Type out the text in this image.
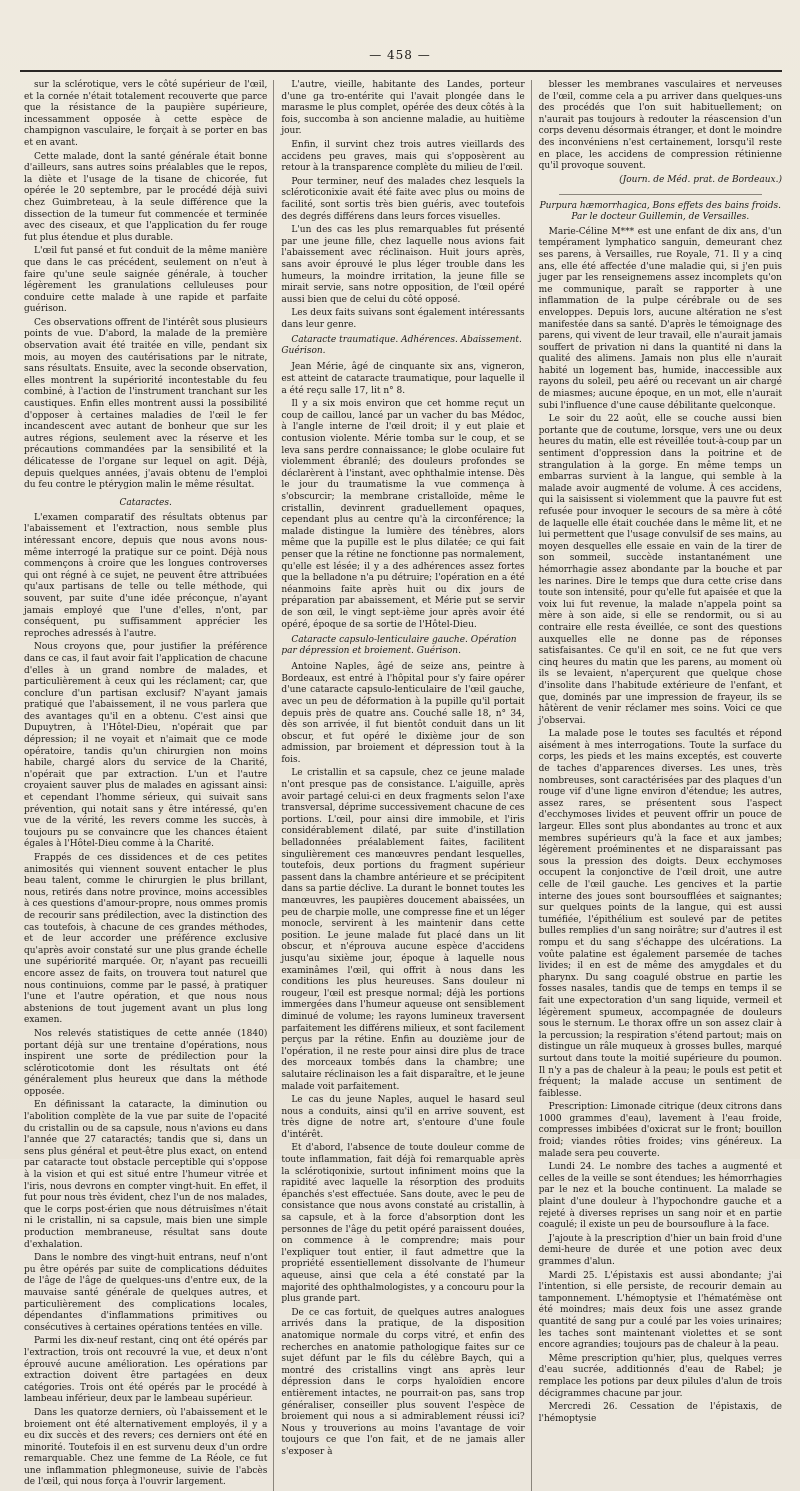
— 458 —

sur la sclérotique, vers le côté supérieur de l'œil, et la cornée n'était totalement recouverte que parce que la résistance de la paupière supérieure, incessamment opposée à cette espèce de champignon vasculaire, le forçait à se porter en bas et en avant.

Cette malade, dont la santé générale était bonne d'ailleurs, sans autres soins préalables que le repos, la diète et l'usage de la tisane de chicorée, fut opérée le 20 septembre, par le procédé déjà suivi chez Guimbreteau, à la seule différence que la dissection de la tumeur fut commencée et terminée avec des ciseaux, et que l'application du fer rouge fut plus étendue et plus durable.

L'œil fut pansé et fut conduit de la même manière que dans le cas précédent, seulement on n'eut à faire qu'une seule saignée générale, à toucher légèrement les granulations celluleuses pour conduire cette malade à une rapide et parfaite guérison.

Ces observations offrent de l'intérêt sous plusieurs points de vue. D'abord, la malade de la première observation avait été traitée en ville, pendant six mois, au moyen des cautérisations par le nitrate, sans résultats. Ensuite, avec la seconde observation, elles montrent la supériorité incontestable du feu combiné, à l'action de l'instrument tranchant sur les caustiques. Enfin elles montrent aussi la possibilité d'opposer à certaines maladies de l'œil le fer incandescent avec autant de bonheur que sur les autres régions, seulement avec la réserve et les précautions commandées par la sensibilité et la délicatesse de l'organe sur lequel on agit. Déjà, depuis quelques années, j'avais obtenu de l'emploi du feu contre le ptérygion malin le même résultat.

Cataractes.

L'examen comparatif des résultats obtenus par l'abaissement et l'extraction, nous semble plus intéressant encore, depuis que nous avons nous-même interrogé la pratique sur ce point. Déjà nous commençons à croire que les longues controverses qui ont régné à ce sujet, ne peuvent être attribuées qu'aux partisans de telle ou telle méthode, qui souvent, par suite d'une idée préconçue, n'ayant jamais employé que l'une d'elles, n'ont, par conséquent, pu suffisamment apprécier les reproches adressés à l'autre.

Nous croyons que, pour justifier la préférence dans ce cas, il faut avoir fait l'application de chacune d'elles à un grand nombre de malades, et particulièrement à ceux qui les réclament; car, que conclure d'un partisan exclusif? N'ayant jamais pratiqué que l'abaissement, il ne vous parlera que des avantages qu'il en a obtenu. C'est ainsi que Dupuytren, à l'Hôtel-Dieu, n'opérait que par dépression; il ne voyait et n'aimait que ce mode opératoire, tandis qu'un chirurgien non moins habile, chargé alors du service de la Charité, n'opérait que par extraction. L'un et l'autre croyaient sauver plus de malades en agissant ainsi: et cependant l'homme sérieux, qui suivait sans prévention, qui notait sans y être intéressé, qu'en vue de la vérité, les revers comme les succès, à toujours pu se convaincre que les chances étaient égales à l'Hôtel-Dieu comme à la Charité.

Frappés de ces dissidences et de ces petites animosités qui viennent souvent entacher le plus beau talent, comme le chirurgien le plus brillant, nous, retirés dans notre province, moins accessibles à ces questions d'amour-propre, nous ommes promis de recourir sans prédilection, avec la distinction des cas toutefois, à chacune de ces grandes méthodes, et de leur accorder une préférence exclusive qu'après avoir constaté sur une plus grande échelle une supériorité marquée. Or, n'ayant pas recueilli encore assez de faits, on trouvera tout naturel que nous continuions, comme par le passé, à pratiquer l'une et l'autre opération, et que nous nous abstenions de tout jugement avant un plus long examen.

Nos relevés statistiques de cette année (1840) portant déjà sur une trentaine d'opérations, nous inspirent une sorte de prédilection pour la scléroticotomie dont les résultats ont été généralement plus heureux que dans la méthode opposée.

En définissant la cataracte, la diminution ou l'abolition complète de la vue par suite de l'opacité du cristallin ou de sa capsule, nous n'avions eu dans l'année que 27 cataractés; tandis que si, dans un sens plus général et peut-être plus exact, on entend par cataracte tout obstacle perceptible qui s'oppose à la vision et qui est situé entre l'humeur vitrée et l'iris, nous devrons en compter vingt-huit. En effet, il fut pour nous très évident, chez l'un de nos malades, que le corps post-érien que nous détruisîmes n'était ni le cristallin, ni sa capsule, mais bien une simple production membraneuse, résultat sans doute d'exhalation.

Dans le nombre des vingt-huit entrans, neuf n'ont pu être opérés par suite de complications déduites de l'âge de l'âge de quelques-uns d'entre eux, de la mauvaise santé générale de quelques autres, et particulièrement des complications locales, dépendantes d'inflammations primitives ou consécutives à certaines opérations tentées en ville.

Parmi les dix-neuf restant, cinq ont été opérés par l'extraction, trois ont recouvré la vue, et deux n'ont éprouvé aucune amélioration. Les opérations par extraction doivent être partagées en deux catégories. Trois ont été opérés par le procédé à lambeau inférieur, deux par le lambeau supérieur.

Dans les quatorze derniers, où l'abaissement et le broiement ont été alternativement employés, il y a eu dix succès et des revers; ces derniers ont été en minorité. Toutefois il en est survenu deux d'un ordre remarquable. Chez une femme de La Réole, ce fut une inflammation phlegmoneuse, suivie de l'abcès de l'œil, qui nous força à l'ouvrir largement.

L'autre, vieille, habitante des Landes, porteur d'une ga tro-entérite qui l'avait plongée dans le marasme le plus complet, opérée des deux côtés à la fois, succomba à son ancienne maladie, au huitième jour.

Enfin, il survint chez trois autres vieillards des accidens peu graves, mais qui s'opposèrent au retour à la transparence complète du milieu de l'œil.

Pour terminer, neuf des malades chez lesquels la scléroticonixie avait été faite avec plus ou moins de facilité, sont sortis très bien guéris, avec toutefois des degrés différens dans leurs forces visuelles.

L'un des cas les plus remarquables fut présenté par une jeune fille, chez laquelle nous avions fait l'abaissement avec réclinaison. Huit jours après, sans avoir éprouvé le plus léger trouble dans les humeurs, la moindre irritation, la jeune fille se mirait servie, sans notre opposition, de l'œil opéré aussi bien que de celui du côté opposé.

Les deux faits suivans sont également intéressants dans leur genre.

Cataracte traumatique. Adhérences. Abaissement. Guérison.

Jean Mérie, âgé de cinquante six ans, vigneron, est atteint de cataracte traumatique, pour laquelle il a été reçu salle 17, lit n° 8.

Il y a six mois environ que cet homme reçut un coup de caillou, lancé par un vacher du bas Médoc, à l'angle interne de l'œil droit; il y eut plaie et contusion violente. Mérie tomba sur le coup, et se leva sans perdre connaissance; le globe oculaire fut violemment ébranlé; des douleurs profondes se déclarèrent à l'instant, avec ophthalmie intense. Dès le jour du traumatisme la vue commença à s'obscurcir; la membrane cristalloïde, même le cristallin, devinrent graduellement opaques, cependant plus au centre qu'à la circonférence; la malade distingue la lumière des ténèbres, alors même que la pupille est le plus dilatée; ce qui fait penser que la rétine ne fonctionne pas normalement, qu'elle est lésée; il y a des adhérences assez fortes que la belladone n'a pu détruire; l'opération en a été néanmoins faite après huit ou dix jours de préparation par abaissement, et Mérie put se servir de son œil, le vingt sept-ième jour après avoir été opéré, époque de sa sortie de l'Hôtel-Dieu.

Cataracte capsulo-lenticulaire gauche. Opération par dépression et broiement. Guérison.

Antoine Naples, âgé de seize ans, peintre à Bordeaux, est entré à l'hôpital pour s'y faire opérer d'une cataracte capsulo-lenticulaire de l'œil gauche, avec un peu de déformation à la pupille qu'il portait depuis près de quatre ans. Couché salle 18, n° 34, dès son arrivée, il fut bientôt conduit dans un lit obscur, et fut opéré le dixième jour de son admission, par broiement et dépression tout à la fois.

Le cristallin et sa capsule, chez ce jeune malade n'ont presque pas de consistance. L'aiguille, après avoir partagé celui-ci en deux fragments selon l'axe transversal, déprime successivement chacune de ces portions. L'œil, pour ainsi dire immobile, et l'iris considérablement dilaté, par suite d'instillation belladonnées préalablement faites, facilitent singulièrement ces manœuvres pendant lesquelles, toutefois, deux portions du fragment supérieur passent dans la chambre antérieure et se précipitent dans sa partie déclive. La durant le bonnet toutes les manœuvres, les paupières doucement abaissées, un peu de charpie molle, une compresse fine et un léger monocle, servirent à les maintenir dans cette position. Le jeune malade fut placé dans un lit obscur, et n'éprouva aucune espèce d'accidens jusqu'au sixième jour, époque à laquelle nous examinâmes l'œil, qui offrit à nous dans les conditions les plus heureuses. Sans douleur ni rougeur, l'œil est presque normal; déjà les portions immergées dans l'humeur aqueuse ont sensiblement diminué de volume; les rayons lumineux traversent parfaitement les différens milieux, et sont facilement perçus par la rétine. Enfin au douzième jour de l'opération, il ne reste pour ainsi dire plus de trace des morceaux tombés dans la chambre; une salutaire réclinaison les a fait disparaître, et le jeune malade voit parfaitement.

Le cas du jeune Naples, auquel le hasard seul nous a conduits, ainsi qu'il en arrive souvent, est très digne de notre art, s'entoure d'une foule d'intérêt.

Et d'abord, l'absence de toute douleur comme de toute inflammation, fait déjà foi remarquable après la sclérotiqonixie, surtout infiniment moins que la rapidité avec laquelle la résorption des produits épanchés s'est effectuée. Sans doute, avec le peu de consistance que nous avons constaté au cristallin, à sa capsule, et à la force d'absorption dont les personnes de l'âge du petit opéré paraissent douées, on commence à le comprendre; mais pour l'expliquer tout entier, il faut admettre que la propriété essentiellement dissolvante de l'humeur aqueuse, ainsi que cela a été constaté par la majorité des ophthalmologistes, y a concouru pour la plus grande part.

De ce cas fortuit, de quelques autres analogues arrivés dans la pratique, de la disposition anatomique normale du corps vitré, et enfin des recherches en anatomie pathologique faites sur ce sujet défunt par le fils du célèbre Baych, qui a montré des cristallins vingt ans après leur dépression dans le corps hyaloïdien encore entièrement intactes, ne pourrait-on pas, sans trop généraliser, conseiller plus souvent l'espèce de broiement qui nous a si admirablement réussi ici? Nous y trouverions au moins l'avantage de voir toujours ce que l'on fait, et de ne jamais aller s'exposer à

blesser les membranes vasculaires et nerveuses de l'œil, comme cela a pu arriver dans quelques-uns des procédés que l'on suit habituellement; on n'aurait pas toujours à redouter la réascension d'un corps devenu désormais étranger, et dont le moindre des inconvéniens n'est certainement, lorsqu'il reste en place, les accidens de compression rétinienne qu'il provoque souvent.

(Journ. de Méd. prat. de Bordeaux.)
Purpura hæmorrhagica, Bons effets des bains froids. Par le docteur Guillemin, de Versailles.

Marie-Céline M*** est une enfant de dix ans, d'un tempérament lymphatico sanguin, demeurant chez ses parens, à Versailles, rue Royale, 71. Il y a cinq ans, elle été affectée d'une maladie qui, si j'en puis juger par les renseignemens assez incomplets qu'on me communique, paraît se rapporter à une inflammation de la pulpe cérébrale ou de ses enveloppes. Depuis lors, aucune altération ne s'est manifestée dans sa santé. D'après le témoignage des parens, qui vivent de leur travail, elle n'aurait jamais souffert de privation ni dans la quantité ni dans la qualité des alimens. Jamais non plus elle n'aurait habité un logement bas, humide, inaccessible aux rayons du soleil, peu aéré ou recevant un air chargé de miasmes; aucune époque, en un mot, elle n'aurait subi l'influence d'une cause débilitante quelconque.

Le soir du 22 août, elle se couche aussi bien portante que de coutume, lorsque, vers une ou deux heures du matin, elle est réveillée tout-à-coup par un sentiment d'oppression dans la poitrine et de strangulation à la gorge. En même temps un embarras survient à la langue, qui semble à la malade avoir augmenté de volume. À ces accidens, qui la saisissent si violemment que la pauvre fut est refusée pour invoquer le secours de sa mère à côté de laquelle elle était couchée dans le même lit, et ne lui permettent que l'usage convulsif de ses mains, au moyen desquelles elle essaie en vain de la tirer de son sommeil, succède instantanément une hémorrhagie assez abondante par la bouche et par les narines. Dire le temps que dura cette crise dans toute son intensité, pour qu'elle fut apaisée et que la voix lui fut revenue, la malade n'appela point sa mère à son aide, si elle se rendormit, ou si au contraire elle resta éveillée, ce sont des questions auxquelles elle ne donne pas de réponses satisfaisantes. Ce qu'il en soit, ce ne fut que vers cinq heures du matin que les parens, au moment où ils se levaient, n'aperçurent que quelque chose d'insolite dans l'habitude extérieure de l'enfant, et que, dominés par une impression de frayeur, ils se hâtèrent de venir réclamer mes soins. Voici ce que j'observai.

La malade pose le toutes ses facultés et répond aisément à mes interrogations. Toute la surface du corps, les pieds et les mains exceptés, est couverte de taches d'apparences diverses. Les unes, très nombreuses, sont caractérisées par des plaques d'un rouge vif d'une ligne environ d'étendue; les autres, assez rares, se présentent sous l'aspect d'ecchymoses livides et peuvent offrir un pouce de largeur. Elles sont plus abondantes au tronc et aux membres supérieurs qu'à la face et aux jambes; légèrement proéminentes et ne disparaissant pas sous la pression des doigts. Deux ecchymoses occupent la conjonctive de l'œil droit, une autre celle de l'œil gauche. Les gencives et la partie interne des joues sont boursoufflées et saignantes; sur quelques points de la langue, qui est aussi tuméfiée, l'épithélium est soulevé par de petites bulles remplies d'un sang noirâtre; sur d'autres il est rompu et du sang s'échappe des ulcérations. La voûte palatine est également parsemée de taches livides; il en est de même des amygdales et du pharynx. Du sang coagulé obstrue en partie les fosses nasales, tandis que de temps en temps il se fait une expectoration d'un sang liquide, vermeil et légèrement spumeux, accompagnée de douleurs sous le sternum. Le thorax offre un son assez clair à la percussion; la respiration s'étend partout; mais on distingue un râle muqueux à grosses bulles, marqué surtout dans toute la moitié supérieure du poumon. Il n'y a pas de chaleur à la peau; le pouls est petit et fréquent; la malade accuse un sentiment de faiblesse.

Prescription: Limonade citrique (deux citrons dans 1000 grammes d'eau), lavement à l'eau froide, compresses imbibées d'oxicrat sur le front; bouillon froid; viandes rôties froides; vins généreux. La malade sera peu couverte.

Lundi 24. Le nombre des taches a augmenté et celles de la veille se sont étendues; les hémorrhagies par le nez et la bouche continuent. La malade se plaint d'une douleur à l'hypochondre gauche et a rejeté à diverses reprises un sang noir et en partie coagulé; il existe un peu de boursouflure à la face.

J'ajoute à la prescription d'hier un bain froid d'une demi-heure de durée et une potion avec deux grammes d'alun.

Mardi 25. L'épistaxis est aussi abondante; j'ai l'intention, si elle persiste, de recourir demain au tamponnement. L'hémoptysie et l'hématémèse ont été moindres; mais deux fois une assez grande quantité de sang pur a coulé par les voies urinaires; les taches sont maintenant violettes et se sont encore agrandies; toujours pas de chaleur à la peau.

Même prescription qu'hier, plus, quelques verres d'eau sucrée, additionnés d'eau de Rabel; je remplace les potions par deux pilules d'alun de trois décigrammes chacune par jour.

Mercredi 26. Cessation de l'épistaxis, de l'hémoptysie
